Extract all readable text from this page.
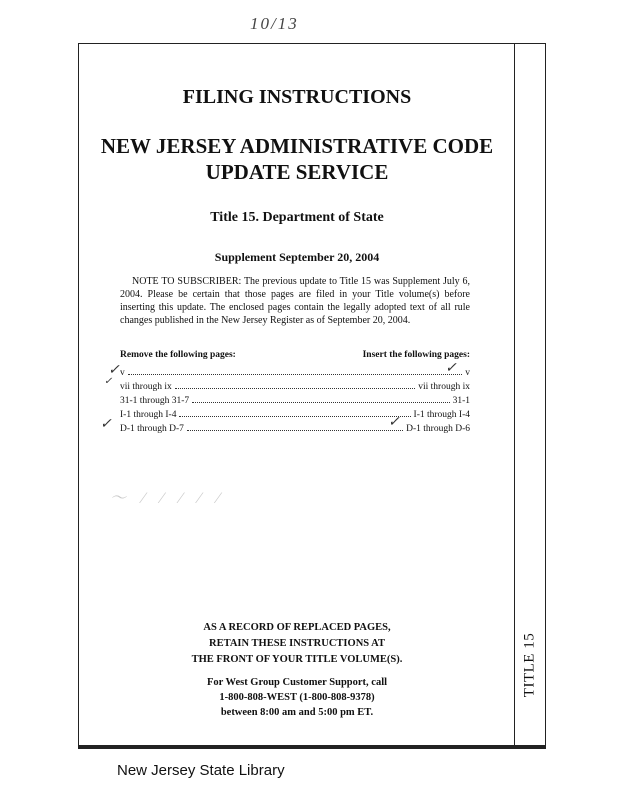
10/13
TITLE 15
FILING INSTRUCTIONS
NEW JERSEY ADMINISTRATIVE CODE
UPDATE SERVICE
Title 15. Department of State
Supplement September 20, 2004
NOTE TO SUBSCRIBER: The previous update to Title 15 was Supplement July 6, 2004. Please be certain that those pages are filed in your Title volume(s) before inserting this update. The enclosed pages contain the legally adopted text of all rule changes published in the New Jersey Register as of September 20, 2004.
Remove the following pages:	Insert the following pages:
v	v
vii through ix	vii through ix
31-1 through 31-7	31-1
I-1 through I-4	I-1 through I-4
D-1 through D-7	D-1 through D-6
✓
✓
✓
✓
✓
〜 ∕ ∕ ∕ ∕ ∕
AS A RECORD OF REPLACED PAGES,
RETAIN THESE INSTRUCTIONS AT
THE FRONT OF YOUR TITLE VOLUME(S).
For West Group Customer Support, call
1-800-808-WEST (1-800-808-9378)
between 8:00 am and 5:00 pm ET.
New Jersey State Library
